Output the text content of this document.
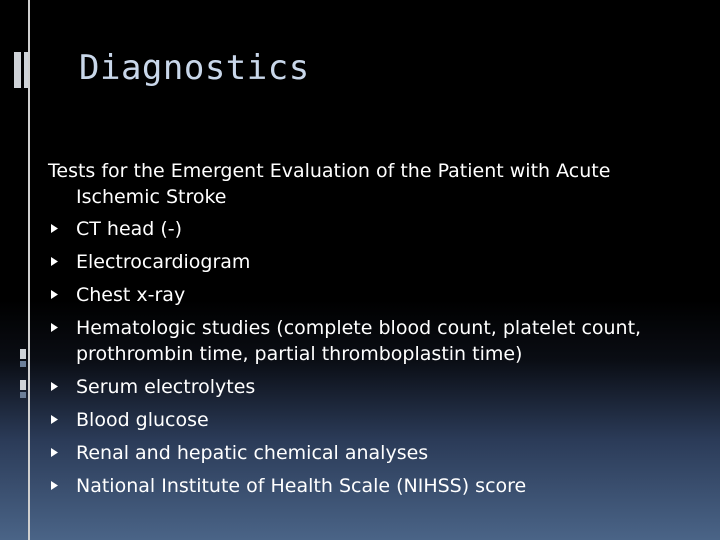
Diagnostics
Tests for the Emergent Evaluation of the Patient with Acute Ischemic Stroke
CT head (-)
Electrocardiogram
Chest x-ray
Hematologic studies (complete blood count, platelet count, prothrombin time, partial thromboplastin time)
Serum electrolytes
Blood glucose
Renal and hepatic chemical analyses
National Institute of Health Scale (NIHSS) score
